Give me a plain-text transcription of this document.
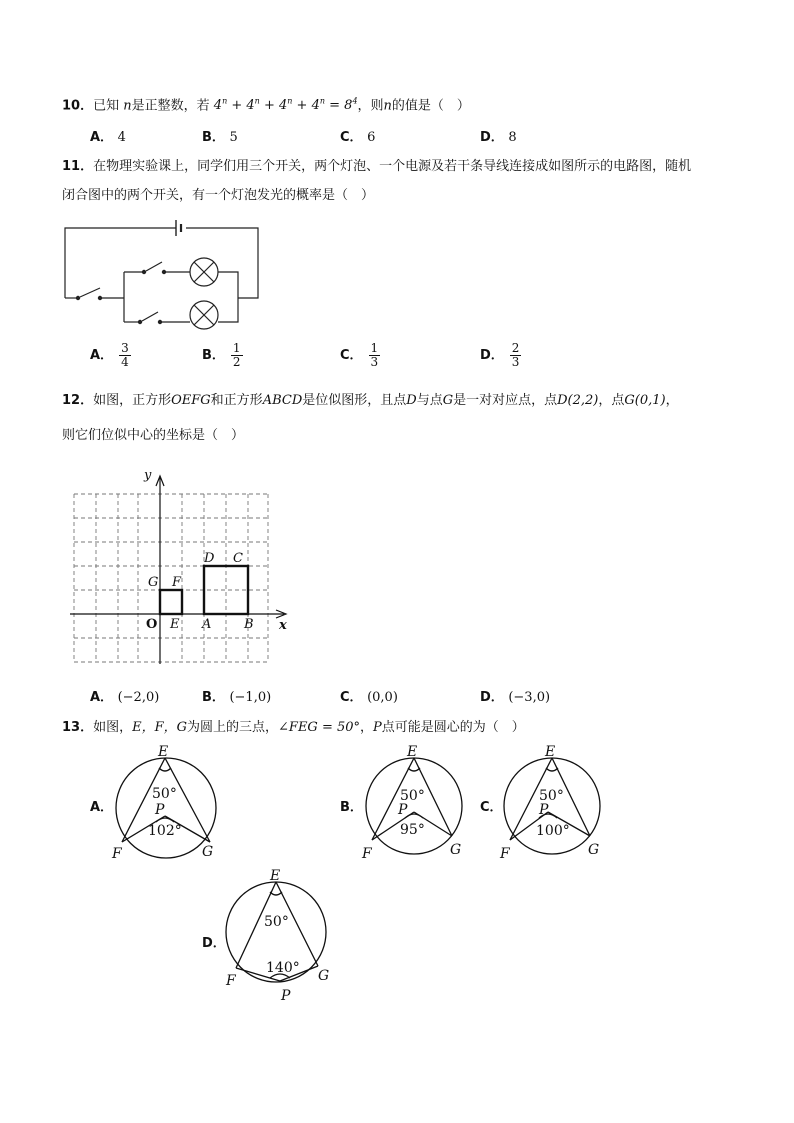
10．已知 n是正整数，若 $4^n + 4^n + 4^n + 4^n = 8^4$，则n的值是（　）
A． 4	B． 5	C． 6	D． 8
11．在物理实验课上，同学们用三个开关，两个灯泡、一个电源及若干条导线连接成如图所示的电路图，随机
闭合图中的两个开关，有一个灯泡发光的概率是（　）
A． $\frac{3}{4}$	B． $\frac{1}{2}$	C． $\frac{1}{3}$	D． $\frac{2}{3}$
12．如图，正方形OEFG和正方形ABCD是位似图形，且点D与点G是一对对应点，点D(2,2)，点G(0,1)，
则它们位似中心的坐标是（　）
y
x
O E
F
G
A	B
C
D
A． (−2,0)	B． (−1,0)	C． (0,0)	D． (−3,0)
13．如图，E，F，G为圆上的三点，∠FEG = 50°，P点可能是圆心的为（　）
A．
E
50°
P
102°
F	G
B．
E
50°
P
95°
F	G
C．
E
50°
P
100°
F	G
D．
E
50°
140°
F	G
P
